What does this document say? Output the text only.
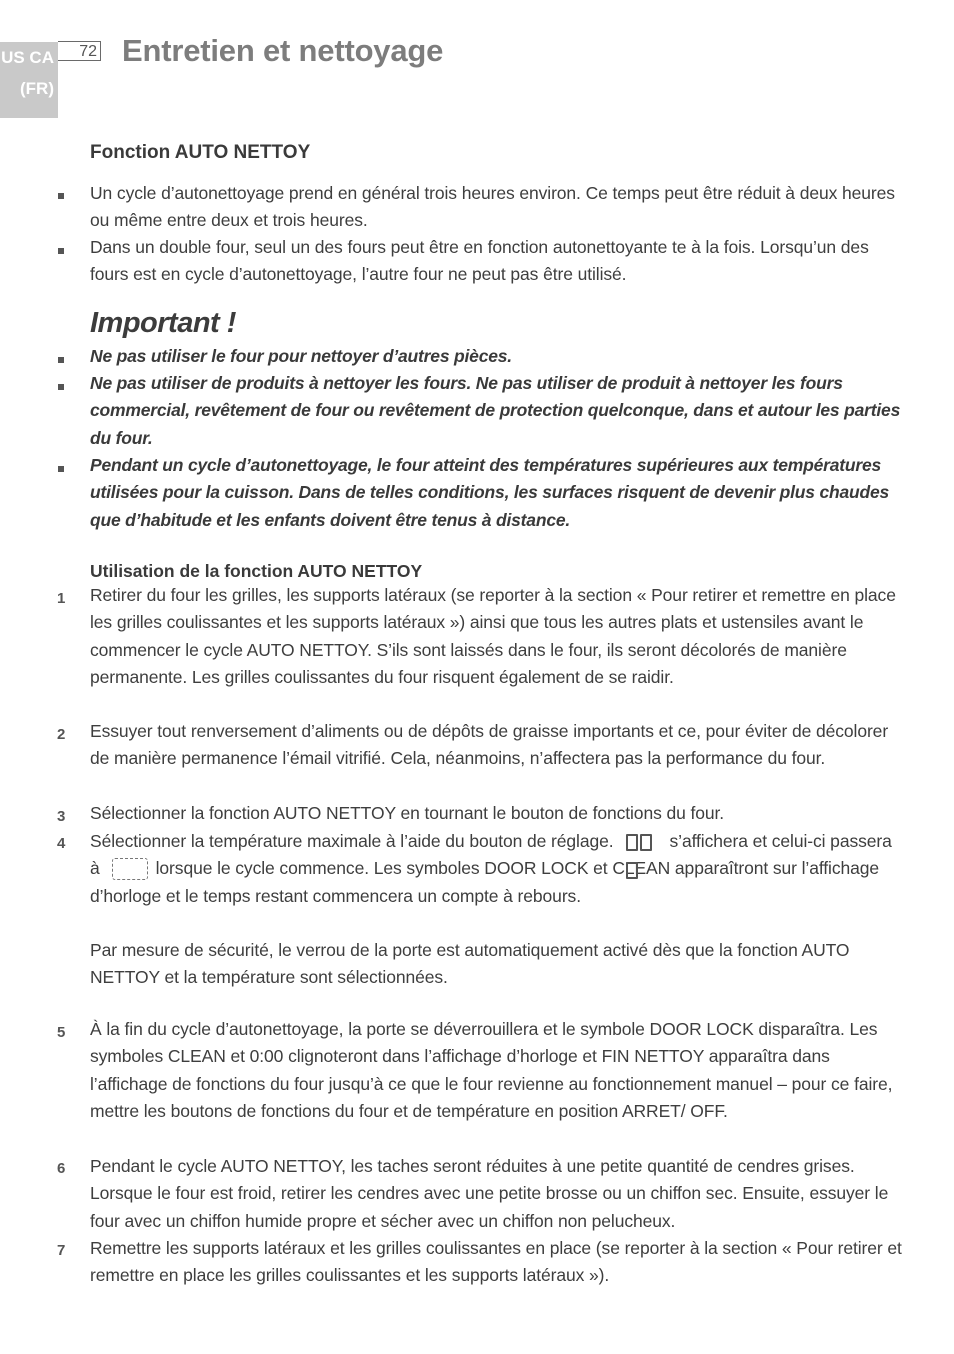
US CA
(FR)
72 Entretien et nettoyage
Fonction AUTO NETTOY

Un cycle d’autonettoyage prend en général trois heures environ. Ce temps peut être réduit à deux heures ou même entre deux et trois heures.

Dans un double four, seul un des fours peut être en fonction autonettoyante te à la fois. Lorsqu’un des fours est en cycle d’autonettoyage, l’autre four ne peut pas être utilisé.

Important !

Ne pas utiliser le four pour nettoyer d’autres pièces.

Ne pas utiliser de produits à nettoyer les fours. Ne pas utiliser de produit à nettoyer les fours commercial, revêtement de four ou revêtement de protection quelconque, dans et autour les parties du four.

Pendant un cycle d’autonettoyage, le four atteint des températures supérieures aux températures utilisées pour la cuisson. Dans de telles conditions, les surfaces risquent de devenir plus chaudes que d’habitude et les enfants doivent être tenus à distance.

Utilisation de la fonction AUTO NETTOY
1 Retirer du four les grilles, les supports latéraux (se reporter à la section « Pour retirer et remettre en place les grilles coulissantes et les supports latéraux ») ainsi que tous les autres plats et ustensiles avant le commencer le cycle AUTO NETTOY. S’ils sont laissés dans le four, ils seront décolorés de manière permanente. Les grilles coulissantes du four risquent également de se raidir.

2 Essuyer tout renversement d’aliments ou de dépôts de graisse importants et ce, pour éviter de décolorer de manière permanence l’émail vitrifié. Cela, néanmoins, n’affectera pas la performance du four.

3 Sélectionner la fonction AUTO NETTOY en tournant le bouton de fonctions du four.

4 Sélectionner la température maximale à l’aide du bouton de réglage.	s’affichera et celui-ci passera à	lorsque le cycle commence. Les symboles DOOR LOCK et CLEAN apparaîtront sur l’affichage d’horloge et le temps restant commencera un compte à rebours.

Par mesure de sécurité, le verrou de la porte est automatiquement activé dès que la fonction AUTO NETTOY et la température sont sélectionnées.

5 À la fin du cycle d’autonettoyage, la porte se déverrouillera et le symbole DOOR LOCK disparaîtra. Les symboles CLEAN et 0:00 clignoteront dans l’affichage d’horloge et FIN NETTOY apparaîtra dans l’affichage de fonctions du four jusqu’à ce que le four revienne au fonctionnement manuel – pour ce faire, mettre les boutons de fonctions du four et de température en position ARRET/ OFF.

6 Pendant le cycle AUTO NETTOY, les taches seront réduites à une petite quantité de cendres grises. Lorsque le four est froid, retirer les cendres avec une petite brosse ou un chiffon sec. Ensuite, essuyer le four avec un chiffon humide propre et sécher avec un chiffon non pelucheux.

7 Remettre les supports latéraux et les grilles coulissantes en place (se reporter à la section « Pour retirer et remettre en place les grilles coulissantes et les supports latéraux »).
